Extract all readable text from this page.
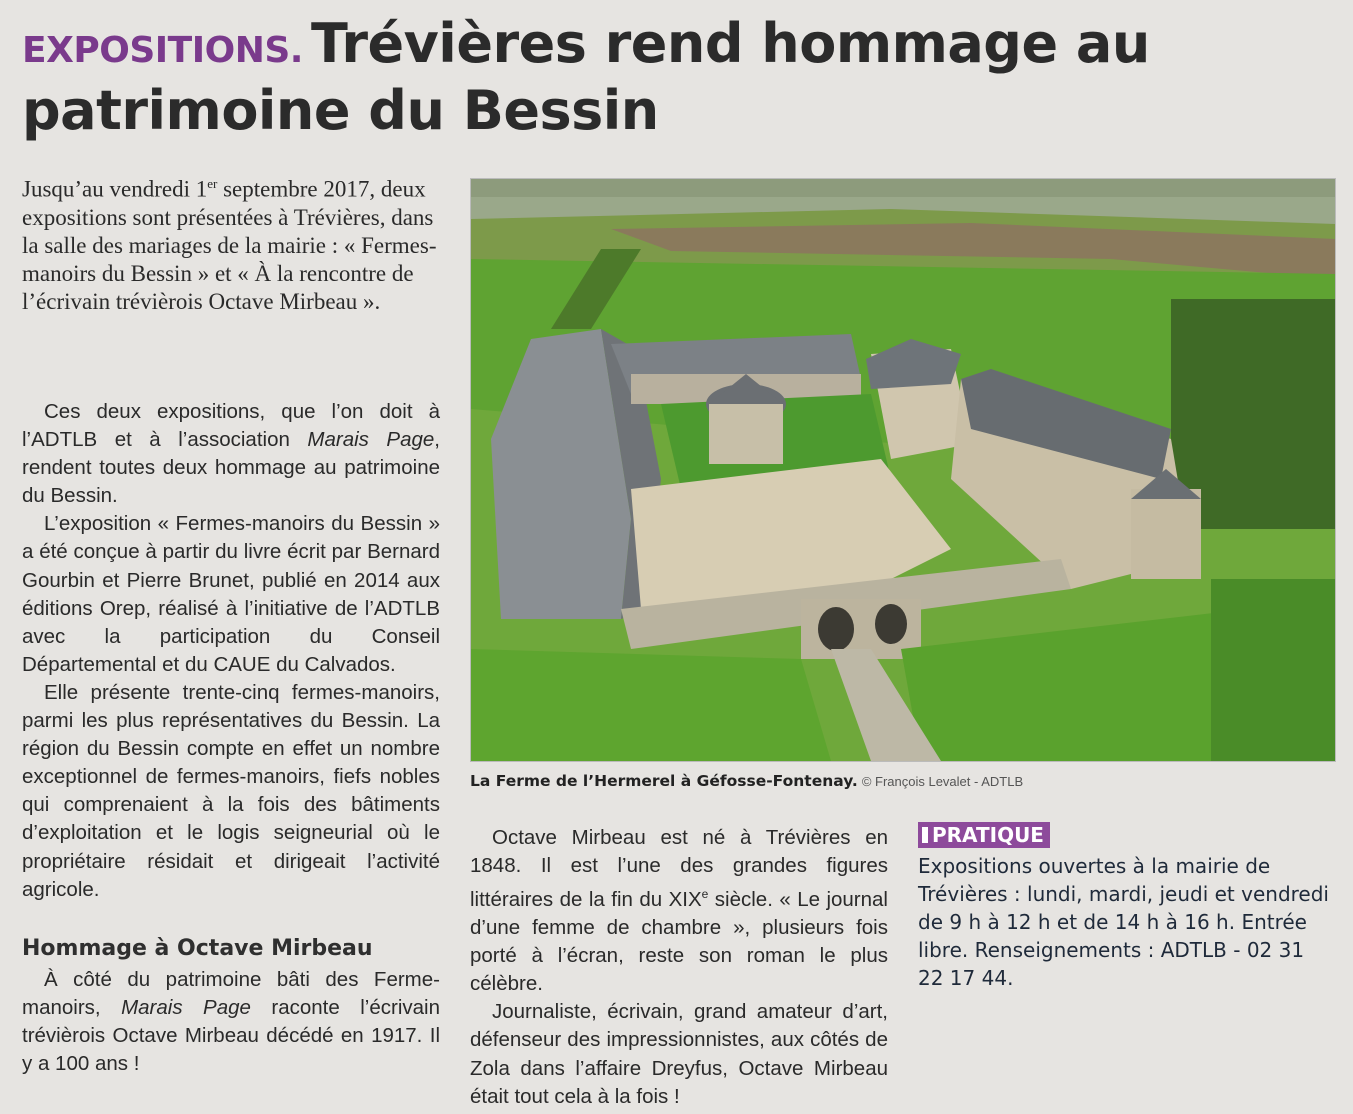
EXPOSITIONS. Trévières rend hommage au patrimoine du Bessin
Jusqu’au vendredi 1er septembre 2017, deux expositions sont présentées à Trévières, dans la salle des mariages de la mairie : « Fermes-manoirs du Bessin » et « À la rencontre de l’écrivain trévièrois Octave Mirbeau ».

Ces deux expositions, que l’on doit à l’ADTLB et à l’association Marais Page, rendent toutes deux hommage au patrimoine du Bessin.

L’exposition « Fermes-manoirs du Bessin » a été conçue à partir du livre écrit par Bernard Gourbin et Pierre Brunet, publié en 2014 aux éditions Orep, réalisé à l’initiative de l’ADTLB avec la participation du Conseil Départemental et du CAUE du Calvados.

Elle présente trente-cinq fermes-manoirs, parmi les plus représentatives du Bessin. La région du Bessin compte en effet un nombre exceptionnel de fermes-manoirs, fiefs nobles qui comprenaient à la fois des bâtiments d’exploitation et le logis seigneurial où le propriétaire résidait et dirigeait l’activité agricole.

Hommage à Octave Mirbeau

À côté du patrimoine bâti des Ferme-manoirs, Marais Page raconte l’écrivain trévièrois Octave Mirbeau décédé en 1917. Il y a 100 ans !

La Ferme de l’Hermerel à Géfosse-Fontenay. © François Levalet - ADTLB

Octave Mirbeau est né à Trévières en 1848. Il est l’une des grandes figures littéraires de la fin du XIXe siècle. « Le journal d’une femme de chambre », plusieurs fois porté à l’écran, reste son roman le plus célèbre.

Journaliste, écrivain, grand amateur d’art, défenseur des impressionnistes, aux côtés de Zola dans l’affaire Dreyfus, Octave Mirbeau était tout cela à la fois !

PRATIQUE
Expositions ouvertes à la mairie de Trévières : lundi, mardi, jeudi et vendredi de 9 h à 12 h et de 14 h à 16 h. Entrée libre. Renseignements : ADTLB - 02 31 22 17 44.
